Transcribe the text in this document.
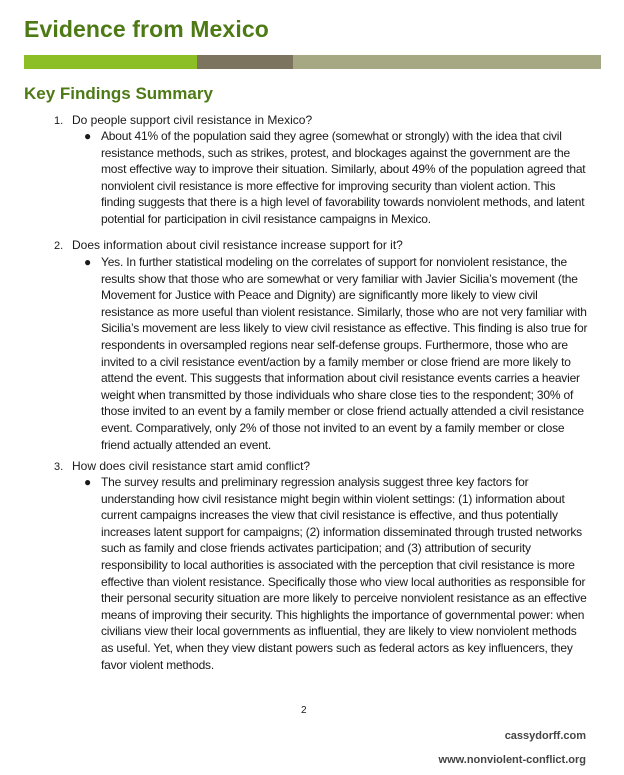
Evidence from Mexico
Key Findings Summary
1. Do people support civil resistance in Mexico?
● About 41% of the population said they agree (somewhat or strongly) with the idea that civil resistance methods, such as strikes, protest, and blockages against the government are the most effective way to improve their situation. Similarly, about 49% of the population agreed that nonviolent civil resistance is more effective for improving security than violent action. This finding suggests that there is a high level of favorability towards nonviolent methods, and latent potential for participation in civil resistance campaigns in Mexico.
2. Does information about civil resistance increase support for it?
● Yes. In further statistical modeling on the correlates of support for nonviolent resistance, the results show that those who are somewhat or very familiar with Javier Sicilia’s movement (the Movement for Justice with Peace and Dignity) are significantly more likely to view civil resistance as more useful than violent resistance. Similarly, those who are not very familiar with Sicilia’s movement are less likely to view civil resistance as effective. This finding is also true for respondents in oversampled regions near self-defense groups. Furthermore, those who are invited to a civil resistance event/action by a family member or close friend are more likely to attend the event. This suggests that information about civil resistance events carries a heavier weight when transmitted by those individuals who share close ties to the respondent; 30% of those invited to an event by a family member or close friend actually attended a civil resistance event. Comparatively, only 2% of those not invited to an event by a family member or close friend actually attended an event.
3. How does civil resistance start amid conflict?
● The survey results and preliminary regression analysis suggest three key factors for understanding how civil resistance might begin within violent settings: (1) information about current campaigns increases the view that civil resistance is effective, and thus potentially increases latent support for campaigns; (2) information disseminated through trusted networks such as family and close friends activates participation; and (3) attribution of security responsibility to local authorities is associated with the perception that civil resistance is more effective than violent resistance. Specifically those who view local authorities as responsible for their personal security situation are more likely to perceive nonviolent resistance as an effective means of improving their security. This highlights the importance of governmental power: when civilians view their local governments as influential, they are likely to view nonviolent methods as useful. Yet, when they view distant powers such as federal actors as key influencers, they favor violent methods.
2
cassydorff.com
www.nonviolent-conflict.org
